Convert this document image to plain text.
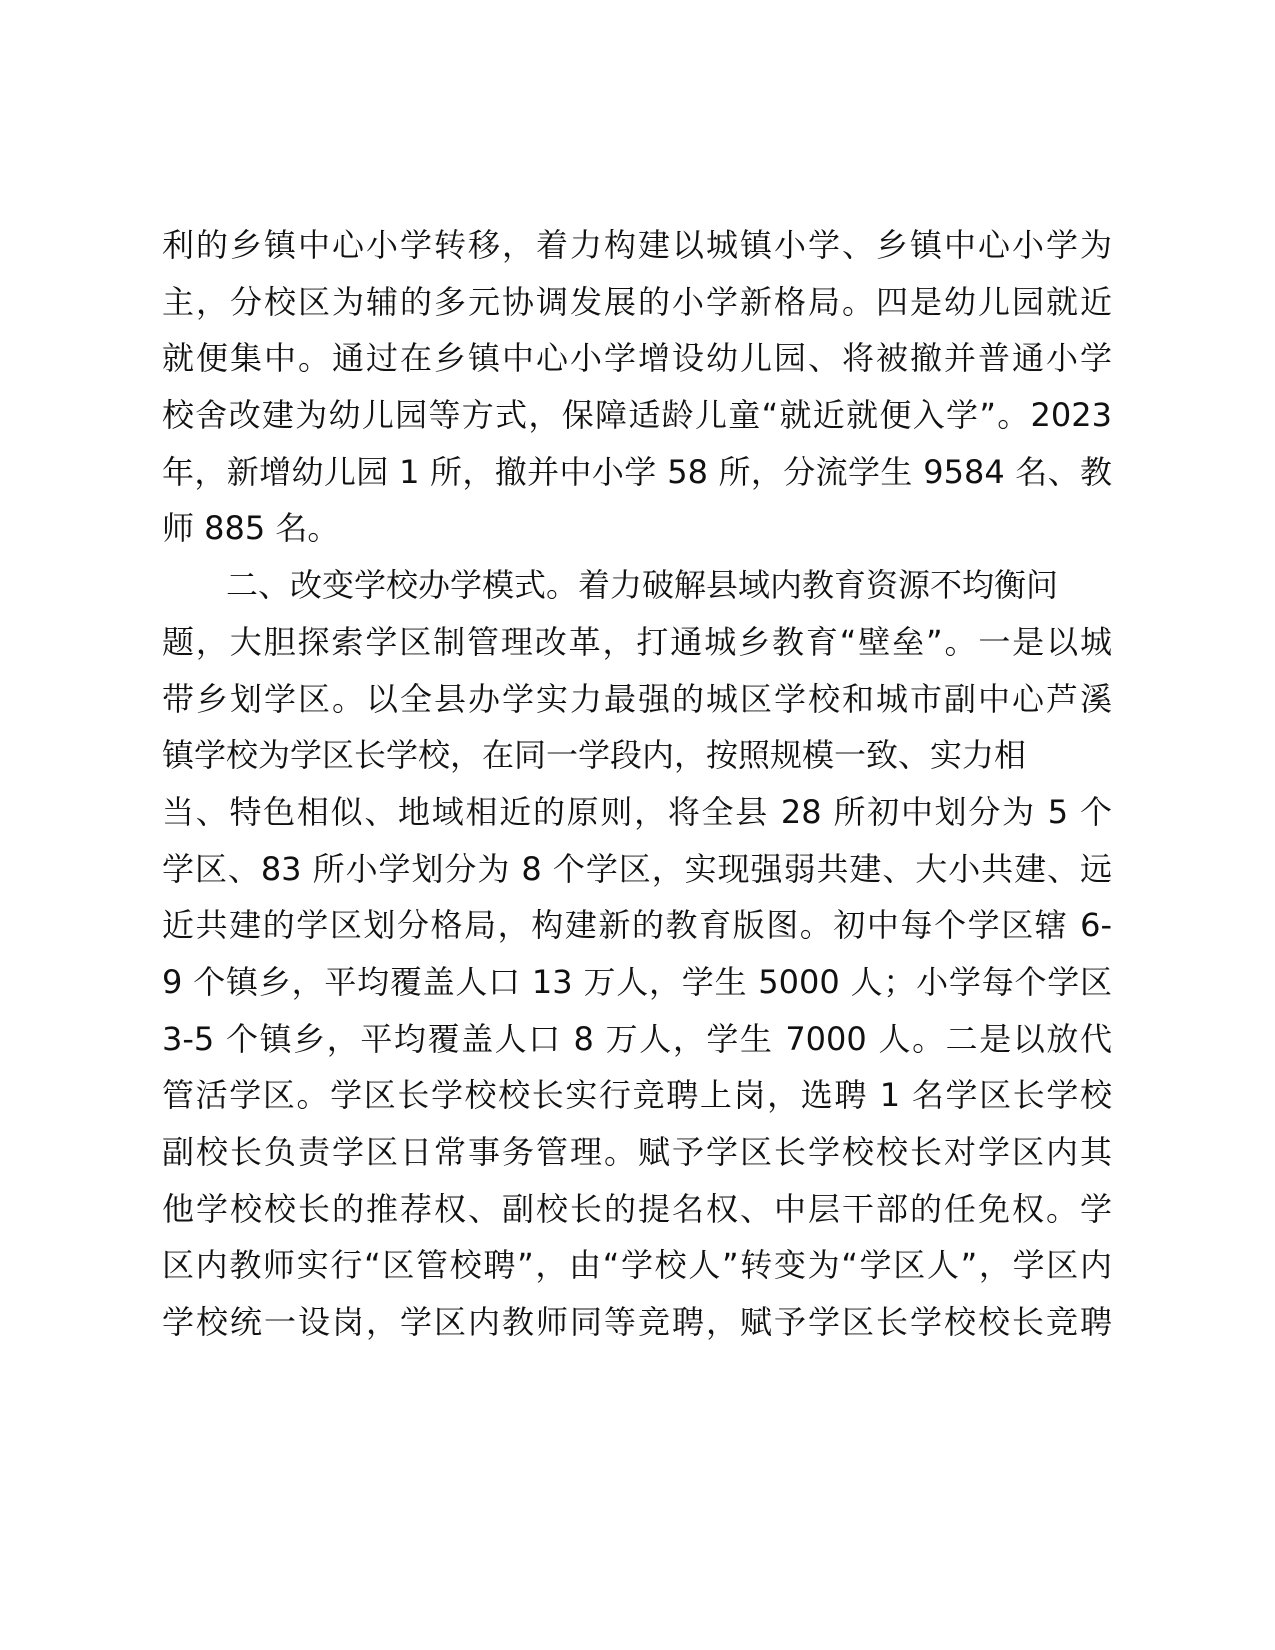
利的乡镇中心小学转移，着力构建以城镇小学、乡镇中心小学为
主，分校区为辅的多元协调发展的小学新格局。四是幼儿园就近
就便集中。通过在乡镇中心小学增设幼儿园、将被撤并普通小学
校舍改建为幼儿园等方式，保障适龄儿童“就近就便入学”。2023
年，新增幼儿园 1 所，撤并中小学 58 所，分流学生 9584 名、教
师 885 名。
二、改变学校办学模式。着力破解县域内教育资源不均衡问
题，大胆探索学区制管理改革，打通城乡教育“壁垒”。一是以城
带乡划学区。以全县办学实力最强的城区学校和城市副中心芦溪
镇学校为学区长学校，在同一学段内，按照规模一致、实力相
当、特色相似、地域相近的原则，将全县 28 所初中划分为 5 个
学区、83 所小学划分为 8 个学区，实现强弱共建、大小共建、远
近共建的学区划分格局，构建新的教育版图。初中每个学区辖 6-
9 个镇乡，平均覆盖人口 13 万人，学生 5000 人；小学每个学区
3-5 个镇乡，平均覆盖人口 8 万人，学生 7000 人。二是以放代
管活学区。学区长学校校长实行竞聘上岗，选聘 1 名学区长学校
副校长负责学区日常事务管理。赋予学区长学校校长对学区内其
他学校校长的推荐权、副校长的提名权、中层干部的任免权。学
区内教师实行“区管校聘”，由“学校人”转变为“学区人”，学区内
学校统一设岗，学区内教师同等竞聘，赋予学区长学校校长竞聘
